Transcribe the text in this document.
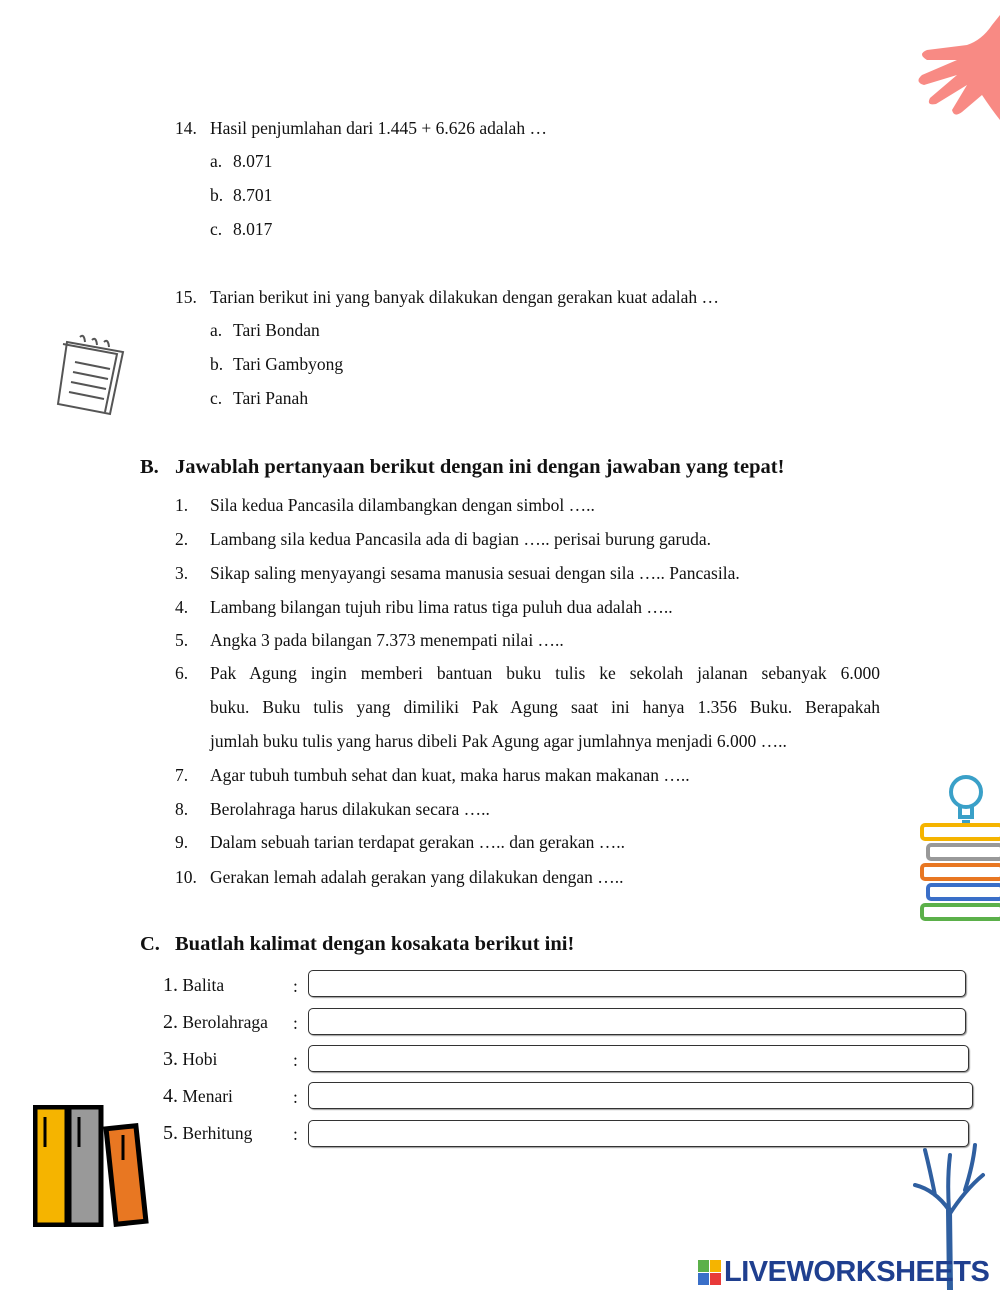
14. Hasil penjumlahan dari 1.445 + 6.626 adalah …
a. 8.071
b. 8.701
c. 8.017
15. Tarian berikut ini yang banyak dilakukan dengan gerakan kuat adalah …
a. Tari Bondan
b. Tari Gambyong
c. Tari Panah
B. Jawablah pertanyaan berikut dengan ini dengan jawaban yang tepat!
1. Sila kedua Pancasila dilambangkan dengan simbol …..
2. Lambang sila kedua Pancasila ada di bagian ….. perisai burung garuda.
3. Sikap saling menyayangi sesama manusia sesuai dengan sila ….. Pancasila.
4. Lambang bilangan tujuh ribu lima ratus tiga puluh dua adalah …..
5. Angka 3 pada bilangan 7.373 menempati nilai …..
6. Pak Agung ingin memberi bantuan buku tulis ke sekolah jalanan sebanyak 6.000
buku. Buku tulis yang dimiliki Pak Agung saat ini hanya 1.356 Buku. Berapakah
jumlah buku tulis yang harus dibeli Pak Agung agar jumlahnya menjadi 6.000 …..
7. Agar tubuh tumbuh sehat dan kuat, maka harus makan makanan …..
8. Berolahraga harus dilakukan secara …..
9. Dalam sebuah tarian terdapat gerakan ….. dan gerakan …..
10. Gerakan lemah adalah gerakan yang dilakukan dengan …..
C. Buatlah kalimat dengan kosakata berikut ini!
1. Balita	:
2. Berolahraga :
3. Hobi	:
4. Menari	:
5. Berhitung :
LIVEWORKSHEETS
